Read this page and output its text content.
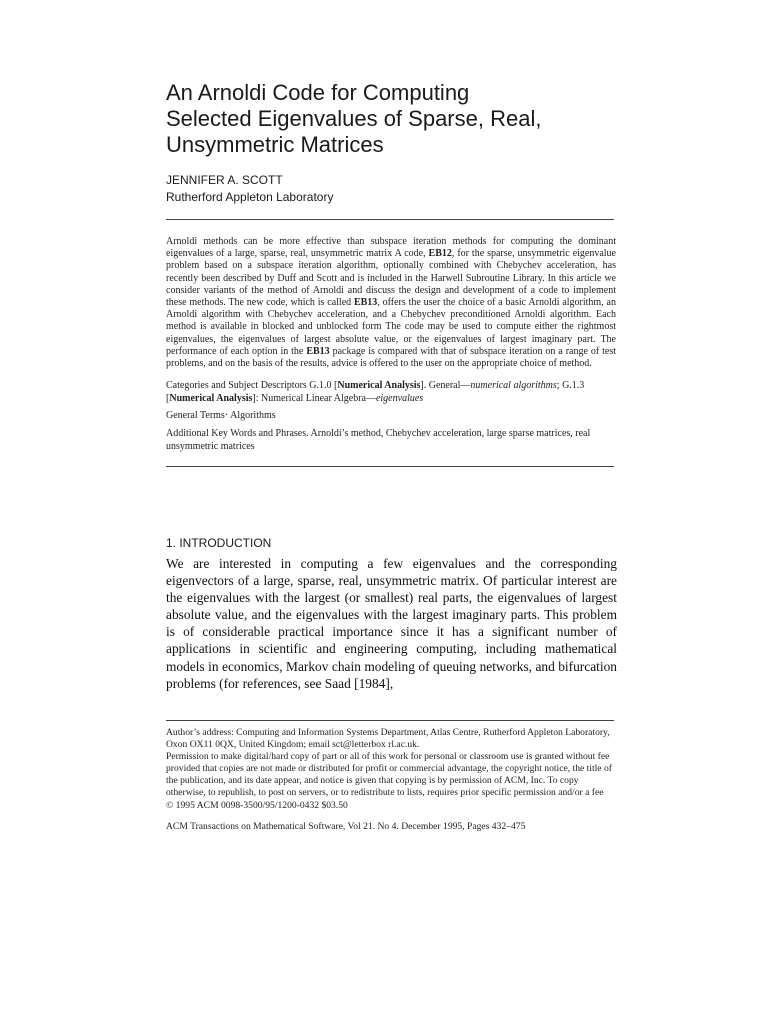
An Arnoldi Code for Computing
Selected Eigenvalues of Sparse, Real,
Unsymmetric Matrices
JENNIFER A. SCOTT
Rutherford Appleton Laboratory

Arnoldi methods can be more effective than subspace iteration methods for computing the dominant eigenvalues of a large, sparse, real, unsymmetric matrix A code, EB12, for the sparse, unsymmetric eigenvalue problem based on a subspace iteration algorithm, optionally combined with Chebychev acceleration, has recently been described by Duff and Scott and is included in the Harwell Subroutine Library. In this article we consider variants of the method of Arnoldi and discuss the design and development of a code to implement these methods. The new code, which is called EB13, offers the user the choice of a basic Arnoldi algorithm, an Arnoldi algorithm with Chebychev acceleration, and a Chebychev preconditioned Arnoldi algorithm. Each method is available in blocked and unblocked form The code may be used to compute either the rightmost eigenvalues, the eigenvalues of largest absolute value, or the eigenvalues of largest imaginary part. The performance of each option in the EB13 package is compared with that of subspace iteration on a range of test problems, and on the basis of the results, advice is offered to the user on the appropriate choice of method.

Categories and Subject Descriptors G.1.0 [Numerical Analysis]. General—numerical algorithms; G.1.3 [Numerical Analysis]: Numerical Linear Algebra—eigenvalues

General Terms· Algorithms

Additional Key Words and Phrases. Arnoldi’s method, Chebychev acceleration, large sparse matrices, real unsymmetric matrices

1. INTRODUCTION

We are interested in computing a few eigenvalues and the corresponding eigenvectors of a large, sparse, real, unsymmetric matrix. Of particular interest are the eigenvalues with the largest (or smallest) real parts, the eigenvalues of largest absolute value, and the eigenvalues with the largest imaginary parts. This problem is of considerable practical importance since it has a significant number of applications in scientific and engineering computing, including mathematical models in economics, Markov chain modeling of queuing networks, and bifurcation problems (for references, see Saad [1984],

Author’s address: Computing and Information Systems Department, Atlas Centre, Rutherford Appleton Laboratory, Oxon OX11 0QX, United Kingdom; email sct@letterbox rl.ac.uk.
Permission to make digital/hard copy of part or all of this work for personal or classroom use is granted without fee provided that copies are not made or distributed for profit or commercial advantage, the copyright notice, the title of the publication, and its date appear, and notice is given that copying is by permission of ACM, Inc. To copy otherwise, to republish, to post on servers, or to redistribute to lists, requires prior specific permission and/or a fee
© 1995 ACM 0098-3500/95/1200-0432 $03.50

ACM Transactions on Mathematical Software, Vol 21. No 4. December 1995, Pages 432–475
